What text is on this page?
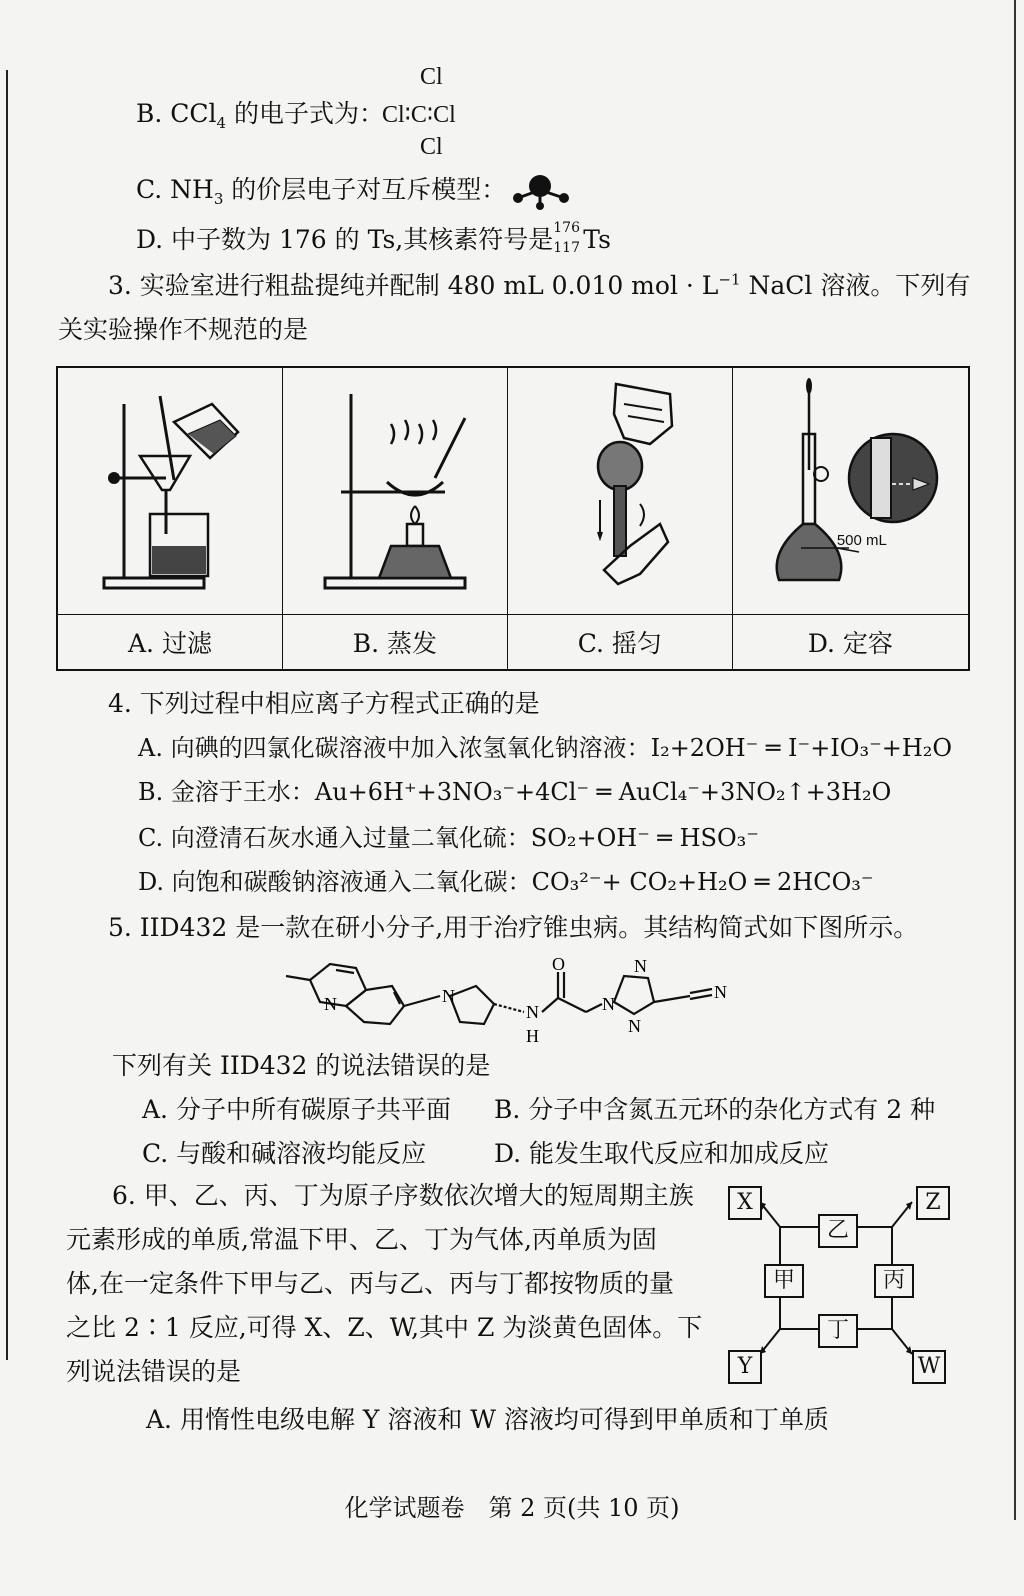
B. CCl$_4$ 的电子式为：
Cl
Cl∶C∶Cl
Cl
C. $NH_3$ 的价层电子对互斥模型：
D. 中子数为 176 的 Ts,其核素符号是 176
117 Ts
3. 实验室进行粗盐提纯并配制 480 mL 0.010 mol · $L^{-1}$ NaCl 溶液。下列有
关实验操作不规范的是

500 mL

A. 过滤	B. 蒸发	C. 摇匀	D. 定容
4. 下列过程中相应离子方程式正确的是
A. 向碘的四氯化碳溶液中加入浓氢氧化钠溶液：I₂+2OH⁻ ═ I⁻+IO₃⁻+H₂O
B. 金溶于王水：Au+6H⁺+3NO₃⁻+4Cl⁻ ═ AuCl₄⁻+3NO₂↑+3H₂O
C. 向澄清石灰水通入过量二氧化硫：SO₂+OH⁻ ═ HSO₃⁻
D. 向饱和碳酸钠溶液通入二氧化碳：CO₃²⁻+ CO₂+H₂O ═ 2HCO₃⁻
5. IID432 是一款在研小分子,用于治疗锥虫病。其结构简式如下图所示。
N	N
O
N
H
N
N
N
N
下列有关 IID432 的说法错误的是
A. 分子中所有碳原子共平面 B. 分子中含氮五元环的杂化方式有 2 种
C. 与酸和碱溶液均能反应	D. 能发生取代反应和加成反应
6. 甲、乙、丙、丁为原子序数依次增大的短周期主族
元素形成的单质,常温下甲、乙、丁为气体,丙单质为固
体,在一定条件下甲与乙、丙与乙、丙与丁都按物质的量
之比 2∶1 反应,可得 X、Z、W,其中 Z 为淡黄色固体。下
列说法错误的是
X	Z
Y	W
乙
甲	丙
丁
A. 用惰性电级电解 Y 溶液和 W 溶液均可得到甲单质和丁单质
化学试题卷　第 2 页(共 10 页)
